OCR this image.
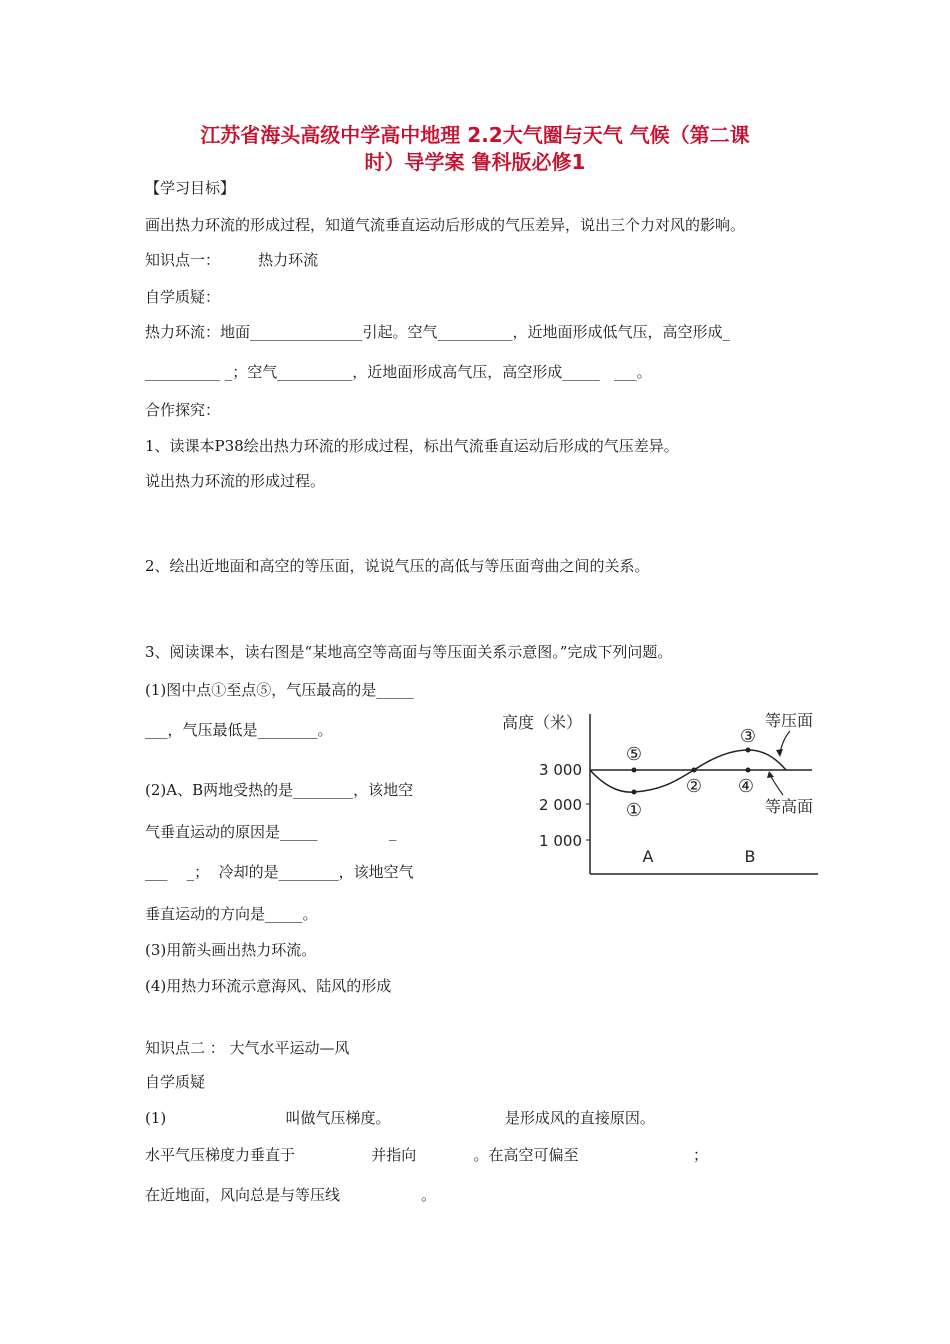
江苏省海头高级中学高中地理 2.2大气圈与天气 气候（第二课
时）导学案 鲁科版必修1
【学习目标】
画出热力环流的形成过程，知道气流垂直运动后形成的气压差异，说出三个力对风的影响。
知识点一：        热力环流
自学质疑：
热力环流：地面_______________引起。空气__________，近地面形成低气压，高空形成_
__________ _；空气__________，近地面形成高气压，高空形成_____   ___。
合作探究：
1、读课本P38绘出热力环流的形成过程，标出气流垂直运动后形成的气压差异。
说出热力环流的形成过程。
2、绘出近地面和高空的等压面，说说气压的高低与等压面弯曲之间的关系。
3、阅读课本，读右图是“某地高空等高面与等压面关系示意图。”完成下列问题。
(1)图中点①至点⑤，气压最高的是_____
___，气压最低是________。
(2)A、B两地受热的是________，该地空
气垂直运动的原因是_____               _
___    _；  冷却的是________，该地空气
垂直运动的方向是_____。
(3)用箭头画出热力环流。
(4)用热力环流示意海风、陆风的形成
知识点二 ： 大气水平运动—风
自学质疑
(1)                         叫做气压梯度。                        是形成风的直接原因。
水平气压梯度力垂直于                并指向            。在高空可偏至                        ；
在近地面，风向总是与等压线                 。
高度（米）
3 000
2 000
1 000
①
②
③
④
⑤
等压面
等高面
A	B
